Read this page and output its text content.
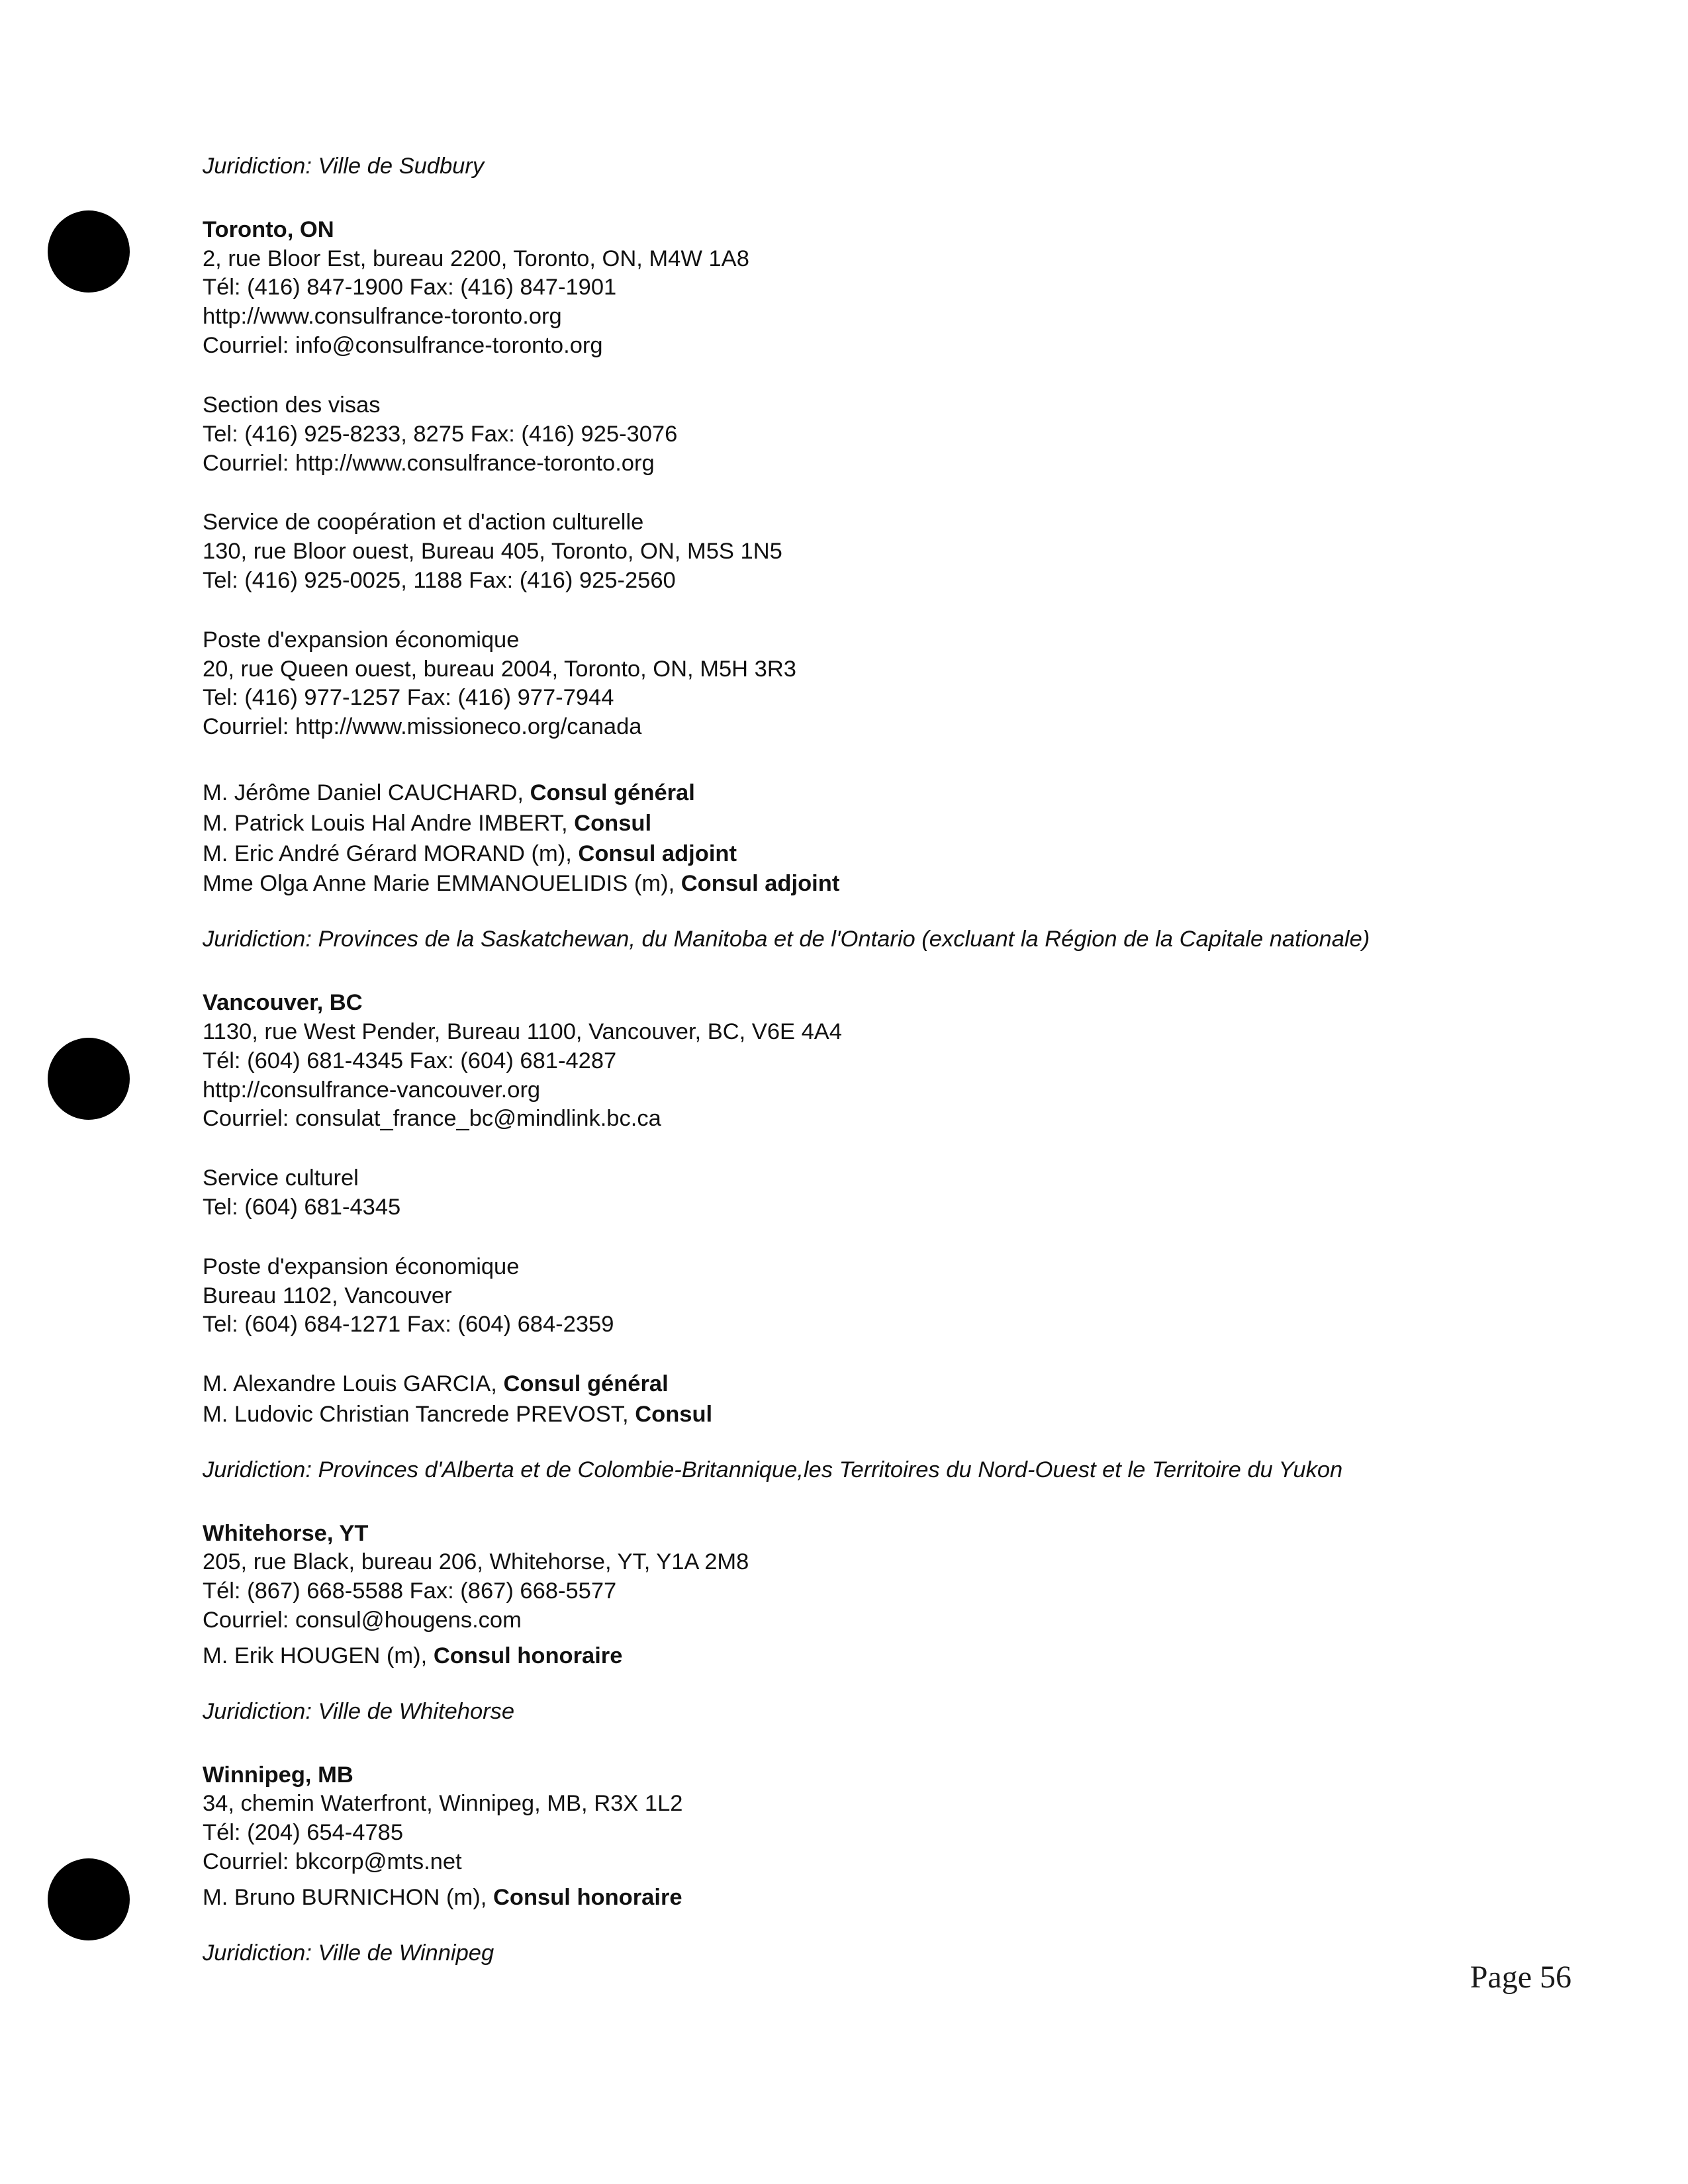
Juridiction: Ville de Sudbury

Toronto, ON

2, rue Bloor Est, bureau 2200, Toronto, ON, M4W 1A8

Tél: (416) 847-1900 Fax: (416) 847-1901

http://www.consulfrance-toronto.org

Courriel: info@consulfrance-toronto.org

Section des visas

Tel: (416) 925-8233, 8275 Fax: (416) 925-3076

Courriel: http://www.consulfrance-toronto.org

Service de coopération et d'action culturelle

130, rue Bloor ouest, Bureau 405, Toronto, ON, M5S 1N5

Tel: (416) 925-0025, 1188 Fax: (416) 925-2560

Poste d'expansion économique

20, rue Queen ouest, bureau 2004, Toronto, ON, M5H 3R3

Tel: (416) 977-1257 Fax: (416) 977-7944

Courriel: http://www.missioneco.org/canada

M. Jérôme Daniel CAUCHARD, Consul général

M. Patrick Louis Hal Andre IMBERT, Consul

M. Eric André Gérard MORAND (m), Consul adjoint

Mme Olga Anne Marie EMMANOUELIDIS (m), Consul adjoint

Juridiction: Provinces de la Saskatchewan, du Manitoba et de l'Ontario (excluant la Région de la Capitale nationale)

Vancouver, BC

1130, rue West Pender, Bureau 1100, Vancouver, BC, V6E 4A4

Tél: (604) 681-4345 Fax: (604) 681-4287

http://consulfrance-vancouver.org

Courriel: consulat_france_bc@mindlink.bc.ca

Service culturel

Tel: (604) 681-4345

Poste d'expansion économique

Bureau 1102, Vancouver

Tel: (604) 684-1271 Fax: (604) 684-2359

M. Alexandre Louis GARCIA, Consul général

M. Ludovic Christian Tancrede PREVOST, Consul

Juridiction: Provinces d'Alberta et de Colombie-Britannique,les Territoires du Nord-Ouest et le Territoire du Yukon

Whitehorse, YT

205, rue Black, bureau 206, Whitehorse, YT, Y1A 2M8

Tél: (867) 668-5588 Fax: (867) 668-5577

Courriel: consul@hougens.com

M. Erik HOUGEN (m), Consul honoraire

Juridiction: Ville de Whitehorse

Winnipeg, MB

34, chemin Waterfront, Winnipeg, MB, R3X 1L2

Tél: (204) 654-4785

Courriel: bkcorp@mts.net

M. Bruno BURNICHON (m), Consul honoraire

Juridiction: Ville de Winnipeg

Page 56
